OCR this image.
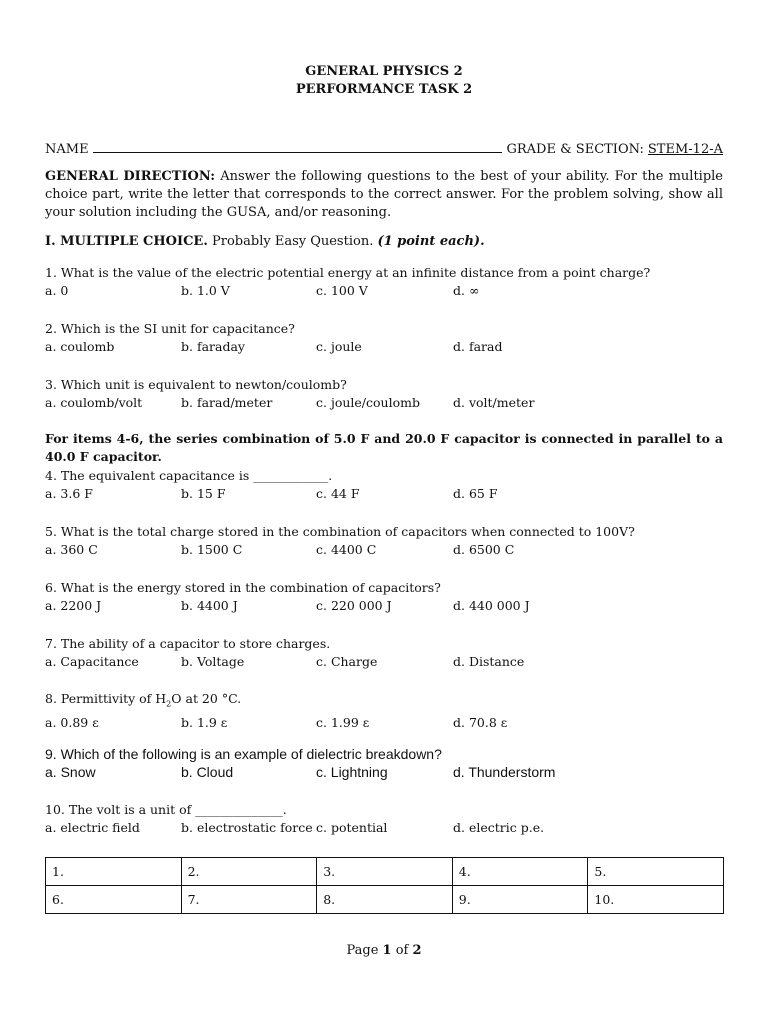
GENERAL PHYSICS 2
PERFORMANCE TASK 2
NAME	GRADE & SECTION: STEM-12-A
GENERAL DIRECTION: Answer the following questions to the best of your ability. For the multiple choice part, write the letter that corresponds to the correct answer. For the problem solving, show all your solution including the GUSA, and/or reasoning.
I. MULTIPLE CHOICE. Probably Easy Question. (1 point each).
1. What is the value of the electric potential energy at an infinite distance from a point charge?
a. 0	b. 1.0 V	c. 100 V	d. ∞
2. Which is the SI unit for capacitance?
a. coulomb	b. faraday	c. joule	d. farad
3. Which unit is equivalent to newton/coulomb?
a. coulomb/volt	b. farad/meter	c. joule/coulomb	d. volt/meter
For items 4-6, the series combination of 5.0 F and 20.0 F capacitor is connected in parallel to a 40.0 F capacitor.
4. The equivalent capacitance is ____________.
a. 3.6 F	b. 15 F	c. 44 F	d. 65 F
5. What is the total charge stored in the combination of capacitors when connected to 100V?
a. 360 C	b. 1500 C	c. 4400 C	d. 6500 C
6. What is the energy stored in the combination of capacitors?
a. 2200 J	b. 4400 J	c. 220 000 J	d. 440 000 J
7. The ability of a capacitor to store charges.
a. Capacitance	b. Voltage	c. Charge	d. Distance
8. Permittivity of $H_2O$ at 20 °C.
a. 0.89 ε	b. 1.9 ε	c. 1.99 ε	d. 70.8 ε
9. Which of the following is an example of dielectric breakdown?
a. Snow	b. Cloud	c. Lightning	d. Thunderstorm
10. The volt is a unit of ______________.
a. electric field	b. electrostatic force c. potential	d. electric p.e.
1.	2.	3.	4.	5.
6.	7.	8.	9.	10.
Page 1 of 2
